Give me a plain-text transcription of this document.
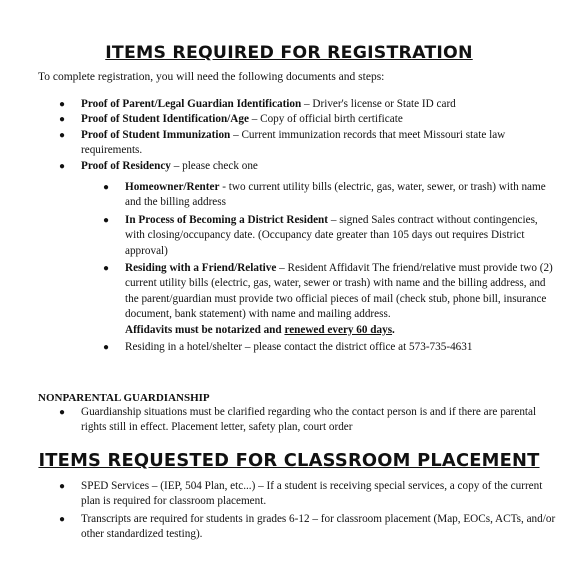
ITEMS REQUIRED FOR REGISTRATION
To complete registration, you will need the following documents and steps:
● Proof of Parent/Legal Guardian Identification – Driver's license or State ID card
● Proof of Student Identification/Age – Copy of official birth certificate
● Proof of Student Immunization – Current immunization records that meet Missouri state law requirements.
● Proof of Residency – please check one
● Homeowner/Renter - two current utility bills (electric, gas, water, sewer, or trash) with name and the billing address
● In Process of Becoming a District Resident – signed Sales contract without contingencies, with closing/occupancy date. (Occupancy date greater than 105 days out requires District approval)
● Residing with a Friend/Relative – Resident Affidavit The friend/relative must provide two (2) current utility bills (electric, gas, water, sewer or trash) with name and the billing address, and the parent/guardian must provide two official pieces of mail (check stub, phone bill, insurance document, bank statement) with name and mailing address.
Affidavits must be notarized and renewed every 60 days.
● Residing in a hotel/shelter – please contact the district office at 573-735-4631
NONPARENTAL GUARDIANSHIP
● Guardianship situations must be clarified regarding who the contact person is and if there are parental rights still in effect. Placement letter, safety plan, court order
ITEMS REQUESTED FOR CLASSROOM PLACEMENT
● SPED Services – (IEP, 504 Plan, etc...) – If a student is receiving special services, a copy of the current plan is required for classroom placement.
● Transcripts are required for students in grades 6-12 – for classroom placement (Map, EOCs, ACTs, and/or other standardized testing).
